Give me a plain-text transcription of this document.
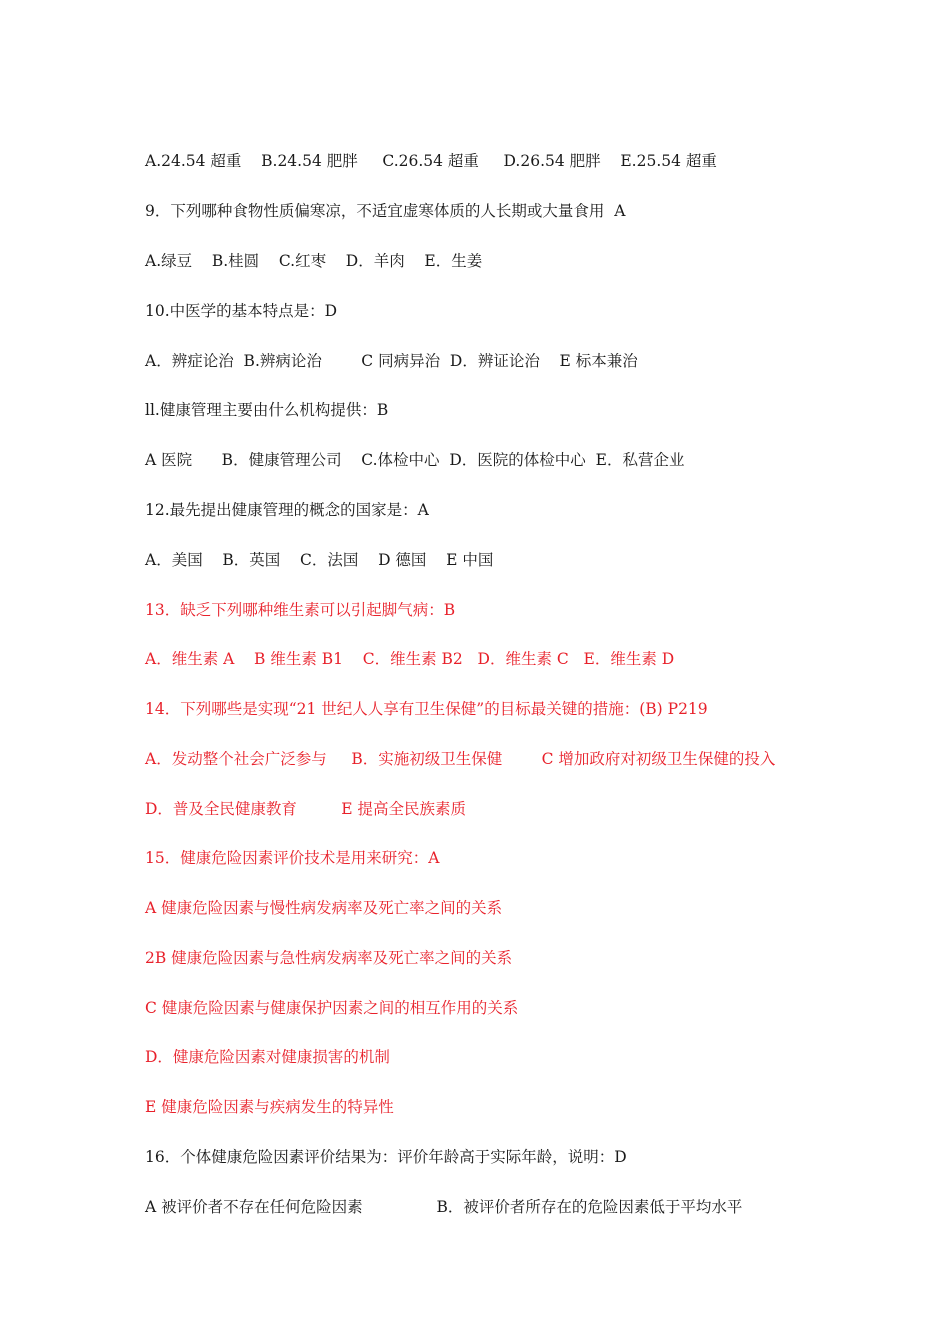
A.24.54 超重    B.24.54 肥胖     C.26.54 超重     D.26.54 肥胖    E.25.54 超重
9．下列哪种食物性质偏寒凉，不适宜虚寒体质的人长期或大量食用  A
A.绿豆    B.桂圆    C.红枣    D．羊肉    E．生姜
10.中医学的基本特点是：D
A．辨症论治  B.辨病论治        C 同病异治  D．辨证论治    E 标本兼治
ll.健康管理主要由什么机构提供：B
A 医院      B．健康管理公司    C.体检中心  D．医院的体检中心  E．私营企业
12.最先提出健康管理的概念的国家是：A
A．美国    B．英国    C．法国    D 德国    E 中国
13．缺乏下列哪种维生素可以引起脚气病：B
A．维生素 A    B 维生素 B1    C．维生素 B2   D．维生素 C   E．维生素 D
14．下列哪些是实现“21 世纪人人享有卫生保健”的目标最关键的措施：(B) P219
A．发动整个社会广泛参与     B．实施初级卫生保健        C 增加政府对初级卫生保健的投入
D．普及全民健康教育         E 提高全民族素质
15．健康危险因素评价技术是用来研究：A
A 健康危险因素与慢性病发病率及死亡率之间的关系
2B 健康危险因素与急性病发病率及死亡率之间的关系
C 健康危险因素与健康保护因素之间的相互作用的关系
D．健康危险因素对健康损害的机制
E 健康危险因素与疾病发生的特异性
16．个体健康危险因素评价结果为：评价年龄高于实际年龄，说明：D
A 被评价者不存在任何危险因素               B．被评价者所存在的危险因素低于平均水平
